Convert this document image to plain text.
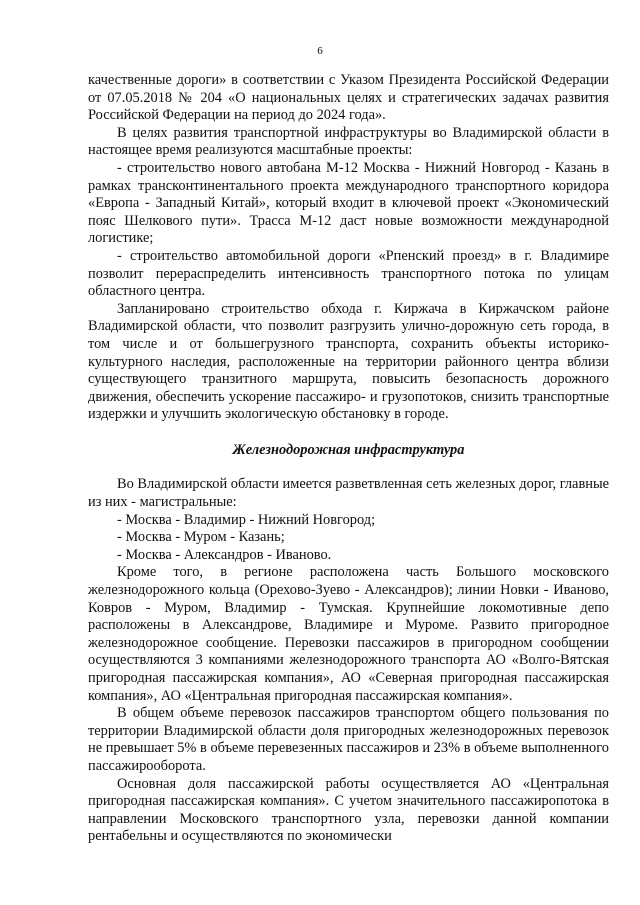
6

качественные дороги» в соответствии с Указом Президента Российской Федерации от 07.05.2018 № 204 «О национальных целях и стратегических задачах развития Российской Федерации на период до 2024 года».

В целях развития транспортной инфраструктуры во Владимирской области в настоящее время реализуются масштабные проекты:

- строительство нового автобана М-12 Москва - Нижний Новгород - Казань в рамках трансконтинентального проекта международного транспортного коридора «Европа - Западный Китай», который входит в ключевой проект «Экономический пояс Шелкового пути». Трасса М-12 даст новые возможности международной логистике;

- строительство автомобильной дороги «Рпенский проезд» в г. Владимире позволит перераспределить интенсивность транспортного потока по улицам областного центра.

Запланировано строительство обхода г. Киржача в Киржачском районе Владимирской области, что позволит разгрузить улично-дорожную сеть города, в том числе и от большегрузного транспорта, сохранить объекты историко-культурного наследия, расположенные на территории районного центра вблизи существующего транзитного маршрута, повысить безопасность дорожного движения, обеспечить ускорение пассажиро- и грузопотоков, снизить транспортные издержки и улучшить экологическую обстановку в городе.

Железнодорожная инфраструктура

Во Владимирской области имеется разветвленная сеть железных дорог, главные из них - магистральные:

- Москва - Владимир - Нижний Новгород;

- Москва - Муром - Казань;

- Москва - Александров - Иваново.

Кроме того, в регионе расположена часть Большого московского железнодорожного кольца (Орехово-Зуево - Александров); линии Новки - Иваново, Ковров - Муром, Владимир - Тумская. Крупнейшие локомотивные депо расположены в Александрове, Владимире и Муроме. Развито пригородное железнодорожное сообщение. Перевозки пассажиров в пригородном сообщении осуществляются 3 компаниями железнодорожного транспорта АО «Волго-Вятская пригородная пассажирская компания», АО «Северная пригородная пассажирская компания», АО «Центральная пригородная пассажирская компания».

В общем объеме перевозок пассажиров транспортом общего пользования по территории Владимирской области доля пригородных железнодорожных перевозок не превышает 5% в объеме перевезенных пассажиров и 23% в объеме выполненного пассажирооборота.

Основная доля пассажирской работы осуществляется АО «Центральная пригородная пассажирская компания». С учетом значительного пассажиропотока в направлении Московского транспортного узла, перевозки данной компании рентабельны и осуществляются по экономически
